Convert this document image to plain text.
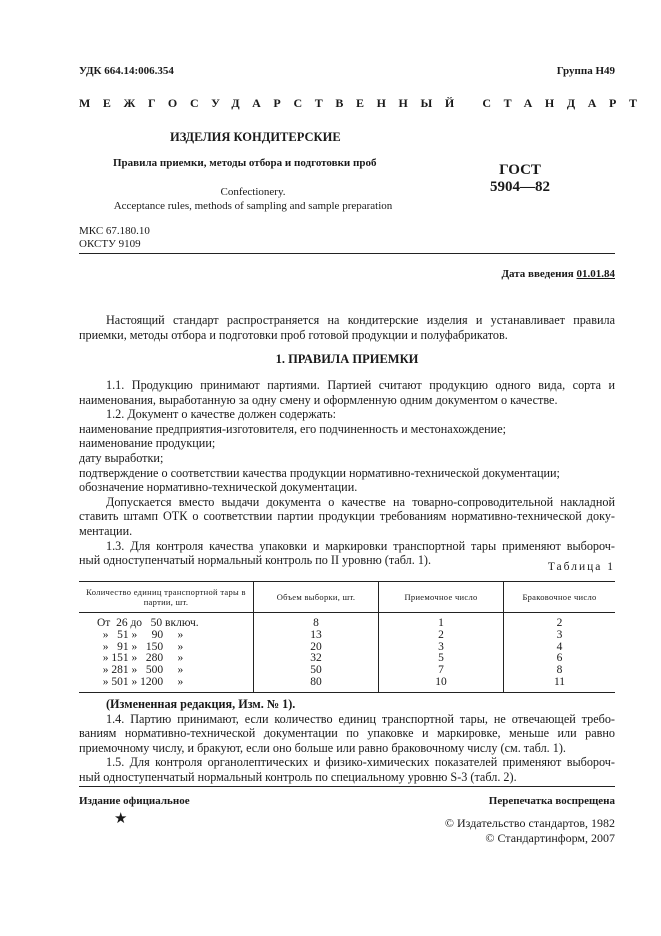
УДК 664.14:006.354	Группа Н49
МЕЖГОСУДАРСТВЕННЫЙ СТАНДАРТ
ИЗДЕЛИЯ КОНДИТЕРСКИЕ
Правила приемки, методы отбора и подготовки проб
Confectionery.
Acceptance rules, methods of sampling and sample preparation
ГОСТ
5904—82
МКС 67.180.10
ОКСТУ 9109
Дата введения 01.01.84
Настоящий стандарт распространяется на кондитерские изделия и устанавливает правила
приемки, методы отбора и подготовки проб готовой продукции и полуфабрикатов.
1. ПРАВИЛА ПРИЕМКИ
1.1. Продукцию принимают партиями. Партией считают продукцию одного вида, сорта и
наименования, выработанную за одну смену и оформленную одним документом о качестве.
1.2. Документ о качестве должен содержать:
наименование предприятия-изготовителя, его подчиненность и местонахождение;
наименование продукции;
дату выработки;
подтверждение о соответствии качества продукции нормативно-технической документации;
обозначение нормативно-технической документации.
Допускается вместо выдачи документа о качестве на товарно-сопроводительной накладной
ставить штамп ОТК о соответствии партии продукции требованиям нормативно-технической доку-
ментации.
1.3. Для контроля качества упаковки и маркировки транспортной тары применяют выбороч-
ный одноступенчатый нормальный контроль по II уровню (табл. 1).	Таблица 1
Количество единиц транспортной тары в партии, шт.	Объем выборки, шт.	Приемочное число	Браковочное число
От  26 до   50 включ.	8	1	2
»   51 »     90     »	13	2	3
»   91 »   150     »	20	3	4
» 151 »   280     »	32	5	6
» 281 »   500     »	50	7	8
» 501 » 1200     »	80	10	11
(Измененная редакция, Изм. № 1).
1.4. Партию принимают, если количество единиц транспортной тары, не отвечающей требо-
ваниям нормативно-технической документации по упаковке и маркировке, меньше или равно
приемочному числу, и бракуют, если оно больше или равно браковочному числу (см. табл. 1).
1.5. Для контроля органолептических и физико-химических показателей применяют выбороч-
ный одноступенчатый нормальный контроль по специальному уровню S-3 (табл. 2).
Издание официальное	Перепечатка воспрещена
★	© Издательство стандартов, 1982
© Стандартинформ, 2007
